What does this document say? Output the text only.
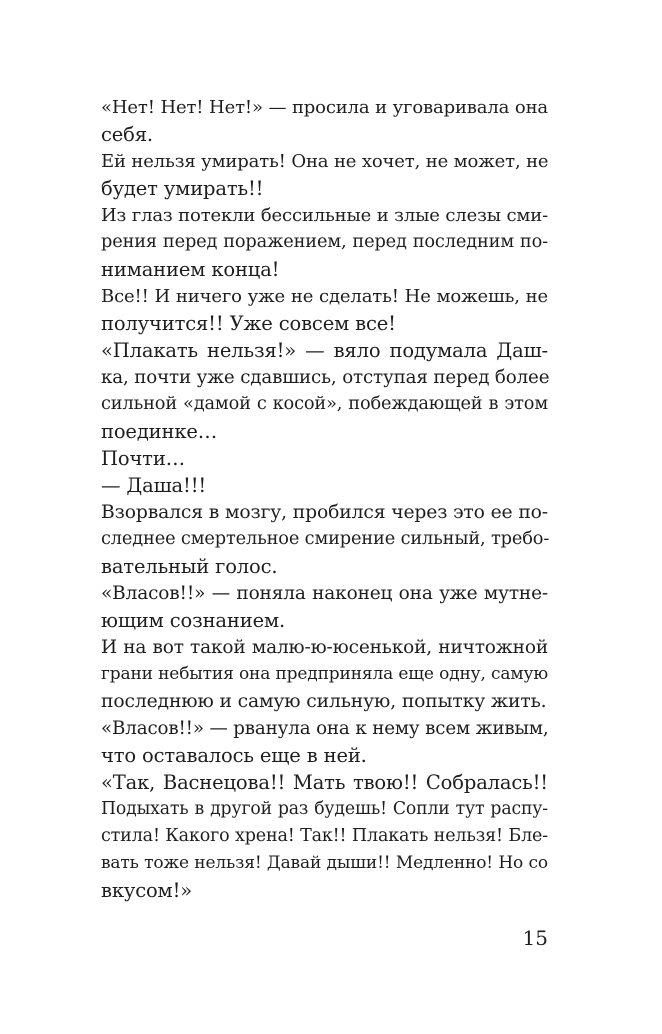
«Нет! Нет! Нет!» — просила и уговаривала она
себя.
Ей нельзя умирать! Она не хочет, не может, не
будет умирать!!
Из глаз потекли бессильные и злые слезы сми-
рения перед поражением, перед последним по-
ниманием конца!
Все!! И ничего уже не сделать! Не можешь, не
получится!! Уже совсем все!
«Плакать нельзя!» — вяло подумала Даш-
ка, почти уже сдавшись, отступая перед более
сильной «дамой с косой», побеждающей в этом
поединке…
Почти…
— Даша!!!
Взорвался в мозгу, пробился через это ее по-
следнее смертельное смирение сильный, требо-
вательный голос.
«Власов!!» — поняла наконец она уже мутне-
ющим сознанием.
И на вот такой малю-ю-юсенькой, ничтожной
грани небытия она предприняла еще одну, самую
последнюю и самую сильную, попытку жить.
«Власов!!» — рванула она к нему всем живым,
что оставалось еще в ней.
«Так, Васнецова!! Мать твою!! Собралась!!
Подыхать в другой раз будешь! Сопли тут распу-
стила! Какого хрена! Так!! Плакать нельзя! Бле-
вать тоже нельзя! Давай дыши!! Медленно! Но со
вкусом!»
15
